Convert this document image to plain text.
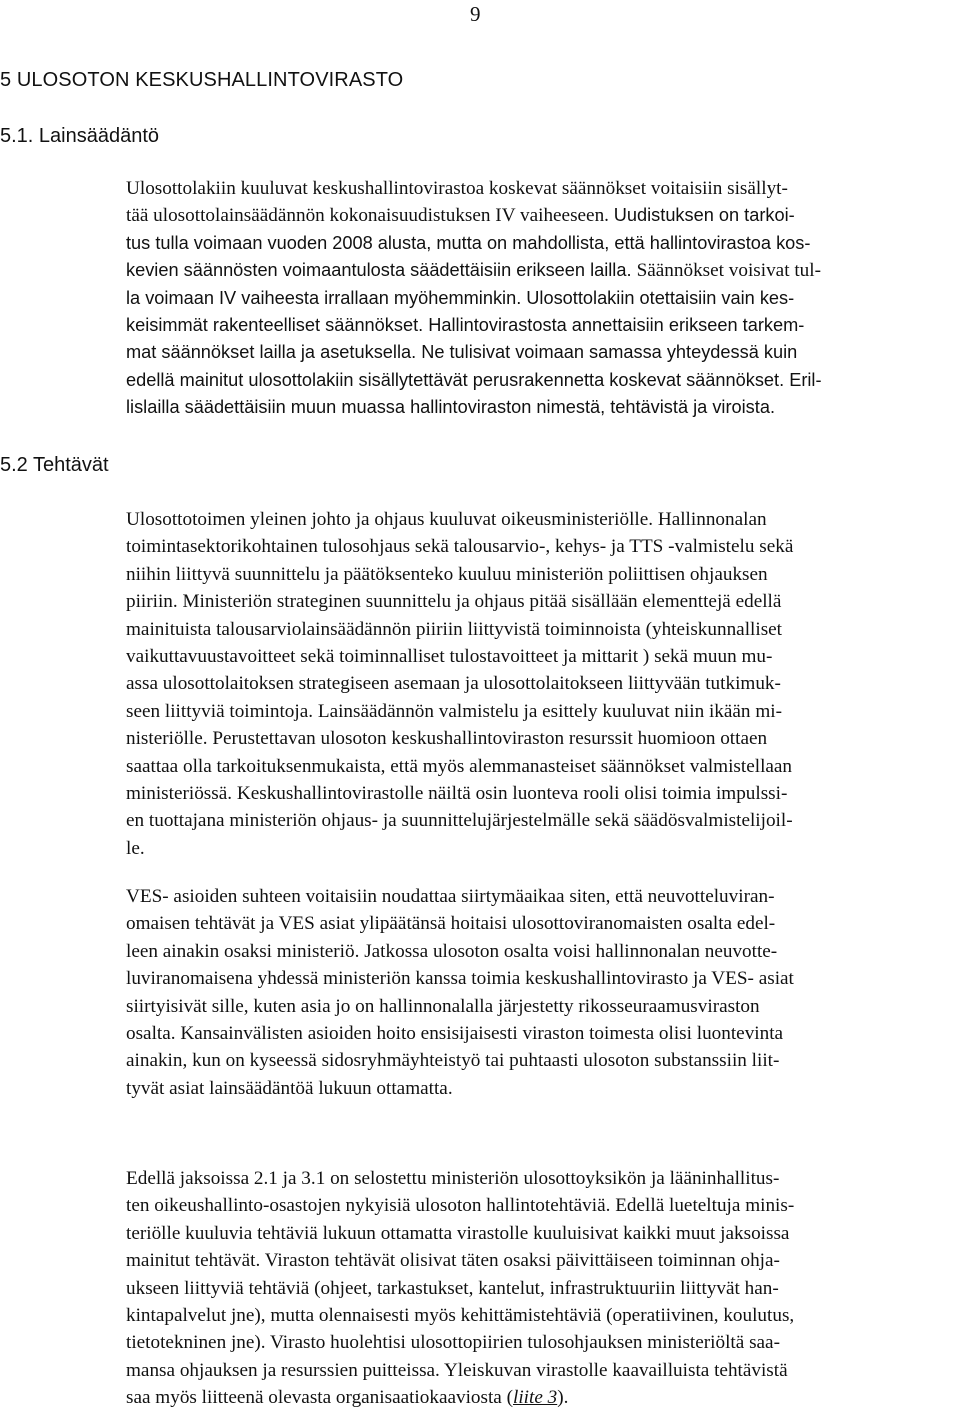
9
5 ULOSOTON KESKUSHALLINTOVIRASTO
5.1. Lainsäädäntö
5.2 Tehtävät

Ulosottolakiin kuuluvat keskushallintovirastoa koskevat säännökset voitaisiin sisällyt-
tää ulosottolainsäädännön kokonaisuudistuksen IV vaiheeseen. Uudistuksen on tarkoi-
tus tulla voimaan vuoden 2008 alusta, mutta on mahdollista, että hallintovirastoa kos-
kevien säännösten voimaantulosta säädettäisiin erikseen lailla. Säännökset voisivat tul-
la voimaan IV vaiheesta irrallaan myöhemminkin. Ulosottolakiin otettaisiin vain kes-
keisimmät rakenteelliset säännökset. Hallintovirastosta annettaisiin erikseen tarkem-
mat säännökset lailla ja asetuksella. Ne tulisivat voimaan samassa yhteydessä kuin
edellä mainitut ulosottolakiin sisällytettävät perusrakennetta koskevat säännökset. Eril-
lislailla säädettäisiin muun muassa hallintoviraston nimestä, tehtävistä ja viroista.

Ulosottotoimen yleinen johto ja ohjaus kuuluvat oikeusministeriölle. Hallinnonalan
toimintasektorikohtainen tulosohjaus sekä talousarvio-, kehys- ja TTS -valmistelu sekä
niihin liittyvä suunnittelu ja päätöksenteko kuuluu ministeriön poliittisen ohjauksen
piiriin. Ministeriön strateginen suunnittelu ja ohjaus pitää sisällään elementtejä edellä
mainituista talousarviolainsäädännön piiriin liittyvistä toiminnoista (yhteiskunnalliset
vaikuttavuustavoitteet sekä toiminnalliset tulostavoitteet ja mittarit ) sekä muun mu-
assa ulosottolaitoksen strategiseen asemaan ja ulosottolaitokseen liittyvään tutkimuk-
seen liittyviä toimintoja. Lainsäädännön valmistelu ja esittely kuuluvat niin ikään mi-
nisteriölle. Perustettavan ulosoton keskushallintoviraston resurssit huomioon ottaen
saattaa olla tarkoituksenmukaista, että myös alemmanasteiset säännökset valmistellaan
ministeriössä. Keskushallintovirastolle näiltä osin luonteva rooli olisi toimia impulssi-
en tuottajana ministeriön ohjaus- ja suunnittelujärjestelmälle sekä säädösvalmistelijoil-
le.

VES- asioiden suhteen voitaisiin noudattaa siirtymäaikaa siten, että neuvotteluviran-
omaisen tehtävät ja VES asiat ylipäätänsä hoitaisi ulosottoviranomaisten osalta edel-
leen ainakin osaksi ministeriö. Jatkossa ulosoton osalta voisi hallinnonalan neuvotte-
luviranomaisena yhdessä ministeriön kanssa toimia keskushallintovirasto ja VES- asiat
siirtyisivät sille, kuten asia jo on hallinnonalalla järjestetty rikosseuraamusviraston
osalta. Kansainvälisten asioiden hoito ensisijaisesti viraston toimesta olisi luontevinta
ainakin, kun on kyseessä sidosryhmäyhteistyö tai puhtaasti ulosoton substanssiin liit-
tyvät asiat lainsäädäntöä lukuun ottamatta.

Edellä jaksoissa 2.1 ja 3.1 on selostettu ministeriön ulosottoyksikön ja lääninhallitus-
ten oikeushallinto-osastojen nykyisiä ulosoton hallintotehtäviä. Edellä lueteltuja minis-
teriölle kuuluvia tehtäviä lukuun ottamatta virastolle kuuluisivat kaikki muut jaksoissa
mainitut tehtävät. Viraston tehtävät olisivat täten osaksi päivittäiseen toiminnan ohja-
ukseen liittyviä tehtäviä (ohjeet, tarkastukset, kantelut, infrastruktuuriin liittyvät han-
kintapalvelut jne), mutta olennaisesti myös kehittämistehtäviä (operatiivinen, koulutus,
tietotekninen jne). Virasto huolehtisi ulosottopiirien tulosohjauksen ministeriöltä saa-
mansa ohjauksen ja resurssien puitteissa. Yleiskuvan virastolle kaavailluista tehtävistä
saa myös liitteenä olevasta organisaatiokaaviosta (liite 3).
